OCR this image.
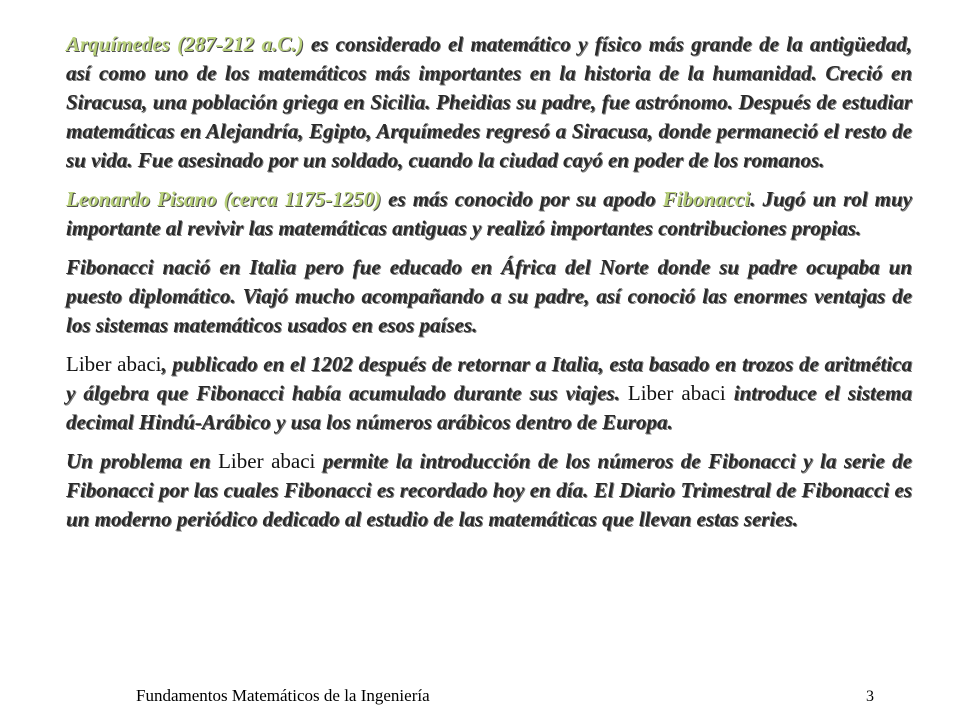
Arquímedes (287-212 a.C.) es considerado el matemático y físico más grande de la antigüedad, así como uno de los matemáticos más importantes en la historia de la humanidad. Creció en Siracusa, una población griega en Sicilia. Pheidias su padre, fue astrónomo. Después de estudiar matemáticas en Alejandría, Egipto, Arquímedes regresó a Siracusa, donde permaneció el resto de su vida. Fue asesinado por un soldado, cuando la ciudad cayó en poder de los romanos.

Leonardo Pisano (cerca 1175-1250) es más conocido por su apodo Fibonacci. Jugó un rol muy importante al revivir las matemáticas antiguas y realizó importantes contribuciones propias.

Fibonacci nació en Italia pero fue educado en África del Norte donde su padre ocupaba un puesto diplomático. Viajó mucho acompañando a su padre, así conoció las enormes ventajas de los sistemas matemáticos usados en esos países.

Liber abaci, publicado en el 1202 después de retornar a Italia, esta basado en trozos de aritmética y álgebra que Fibonacci había acumulado durante sus viajes. Liber abaci introduce el sistema decimal Hindú-Arábico y usa los números arábicos dentro de Europa.

Un problema en Liber abaci permite la introducción de los números de Fibonacci y la serie de Fibonacci por las cuales Fibonacci es recordado hoy en día. El Diario Trimestral de Fibonacci es un moderno periódico dedicado al estudio de las matemáticas que llevan estas series.

Fundamentos Matemáticos de la Ingeniería	3
